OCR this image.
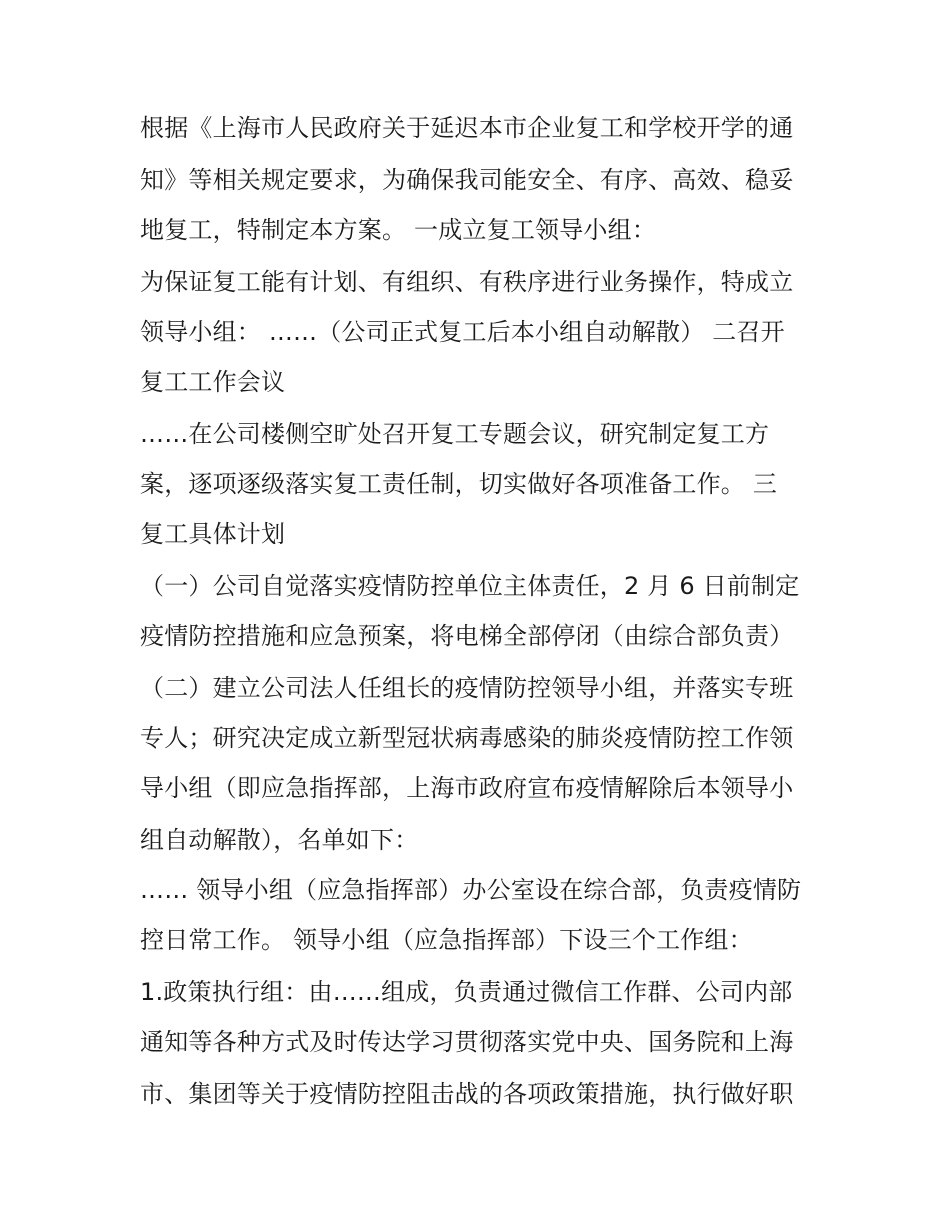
根据《上海市人民政府关于延迟本市企业复工和学校开学的通
知》等相关规定要求，为确保我司能安全、有序、高效、稳妥
地复工，特制定本方案。 一成立复工领导小组：
为保证复工能有计划、有组织、有秩序进行业务操作，特成立
领导小组： ……（公司正式复工后本小组自动解散） 二召开
复工工作会议
……在公司楼侧空旷处召开复工专题会议，研究制定复工方
案，逐项逐级落实复工责任制，切实做好各项准备工作。 三
复工具体计划
（一）公司自觉落实疫情防控单位主体责任，2 月 6 日前制定
疫情防控措施和应急预案，将电梯全部停闭（由综合部负责）
（二）建立公司法人任组长的疫情防控领导小组，并落实专班
专人；研究决定成立新型冠状病毒感染的肺炎疫情防控工作领
导小组（即应急指挥部，上海市政府宣布疫情解除后本领导小
组自动解散），名单如下：
…… 领导小组（应急指挥部）办公室设在综合部，负责疫情防
控日常工作。 领导小组（应急指挥部）下设三个工作组：
1.政策执行组：由……组成，负责通过微信工作群、公司内部
通知等各种方式及时传达学习贯彻落实党中央、国务院和上海
市、集团等关于疫情防控阻击战的各项政策措施，执行做好职
